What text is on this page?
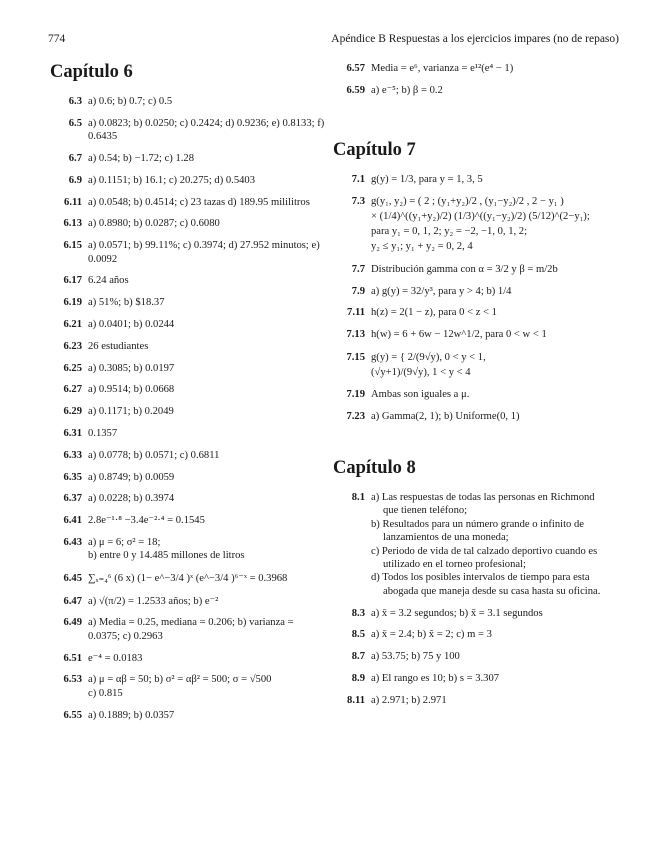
774	Apéndice B Respuestas a los ejercicios impares (no de repaso)
Capítulo 6
6.3 a) 0.6; b) 0.7; c) 0.5
6.5 a) 0.0823; b) 0.0250; c) 0.2424; d) 0.9236; e) 0.8133; f) 0.6435
6.7 a) 0.54; b) −1.72; c) 1.28
6.9 a) 0.1151; b) 16.1; c) 20.275; d) 0.5403
6.11 a) 0.0548; b) 0.4514; c) 23 tazas d) 189.95 mililitros
6.13 a) 0.8980; b) 0.0287; c) 0.6080
6.15 a) 0.0571; b) 99.11%; c) 0.3974; d) 27.952 minutos; e) 0.0092
6.17 6.24 años
6.19 a) 51%; b) $18.37
6.21 a) 0.0401; b) 0.0244
6.23 26 estudiantes
6.25 a) 0.3085; b) 0.0197
6.27 a) 0.9514; b) 0.0668
6.29 a) 0.1171; b) 0.2049
6.31 0.1357
6.33 a) 0.0778; b) 0.0571; c) 0.6811
6.35 a) 0.8749; b) 0.0059
6.37 a) 0.0228; b) 0.3974
6.41 2.8e⁻¹·⁸ −3.4e⁻²·⁴ = 0.1545
6.43 a) μ = 6; σ² = 18;
b) entre 0 y 14.485 millones de litros
6.45 ∑ₓ₌₄⁶ (6 x) (1− e^−3/4 )ˣ (e^−3/4 )⁶⁻ˣ = 0.3968
6.47 a) √(π/2) = 1.2533 años; b) e⁻²
6.49 a) Media = 0.25, mediana = 0.206; b) varianza = 0.0375; c) 0.2963
6.51 e⁻⁴ = 0.0183
6.53 a) μ = αβ = 50; b) σ² = αβ² = 500; σ = √500
c) 0.815
6.55 a) 0.1889; b) 0.0357
6.57 Media = e⁶, varianza = e¹²(e⁴ − 1)
6.59 a) e⁻⁵; b) β = 0.2
Capítulo 7
7.1 g(y) = 1/3, para y = 1, 3, 5
7.3 g(y₁, y₂) = ( 2 ; (y₁+y₂)/2 , (y₁−y₂)/2 , 2 − y₁ )
× (1/4)^((y₁+y₂)/2) (1/3)^((y₁−y₂)/2) (5/12)^(2−y₁);
para y₁ = 0, 1, 2; y₂ = −2, −1, 0, 1, 2;
y₂ ≤ y₁; y₁ + y₂ = 0, 2, 4
7.7 Distribución gamma con α = 3/2 y β = m/2b
7.9 a) g(y) = 32/y³, para y > 4; b) 1/4
7.11 h(z) = 2(1 − z), para 0 < z < 1
7.13 h(w) = 6 + 6w − 12w^1/2, para 0 < w < 1
7.15 g(y) = { 2/(9√y), 0 < y < 1,
(√y+1)/(9√y), 1 < y < 4
7.19 Ambas son iguales a μ.
7.23 a) Gamma(2, 1); b) Uniforme(0, 1)
Capítulo 8
8.1 a) Las respuestas de todas las personas en Richmond que tienen teléfono;
b) Resultados para un número grande o infinito de lanzamientos de una moneda;
c) Periodo de vida de tal calzado deportivo cuando es utilizado en el torneo profesional;
d) Todos los posibles intervalos de tiempo para esta abogada que maneja desde su casa hasta su oficina.
8.3 a) x̄ = 3.2 segundos; b) x̃ = 3.1 segundos
8.5 a) x̄ = 2.4; b) x̃ = 2; c) m = 3
8.7 a) 53.75; b) 75 y 100
8.9 a) El rango es 10; b) s = 3.307
8.11 a) 2.971; b) 2.971
